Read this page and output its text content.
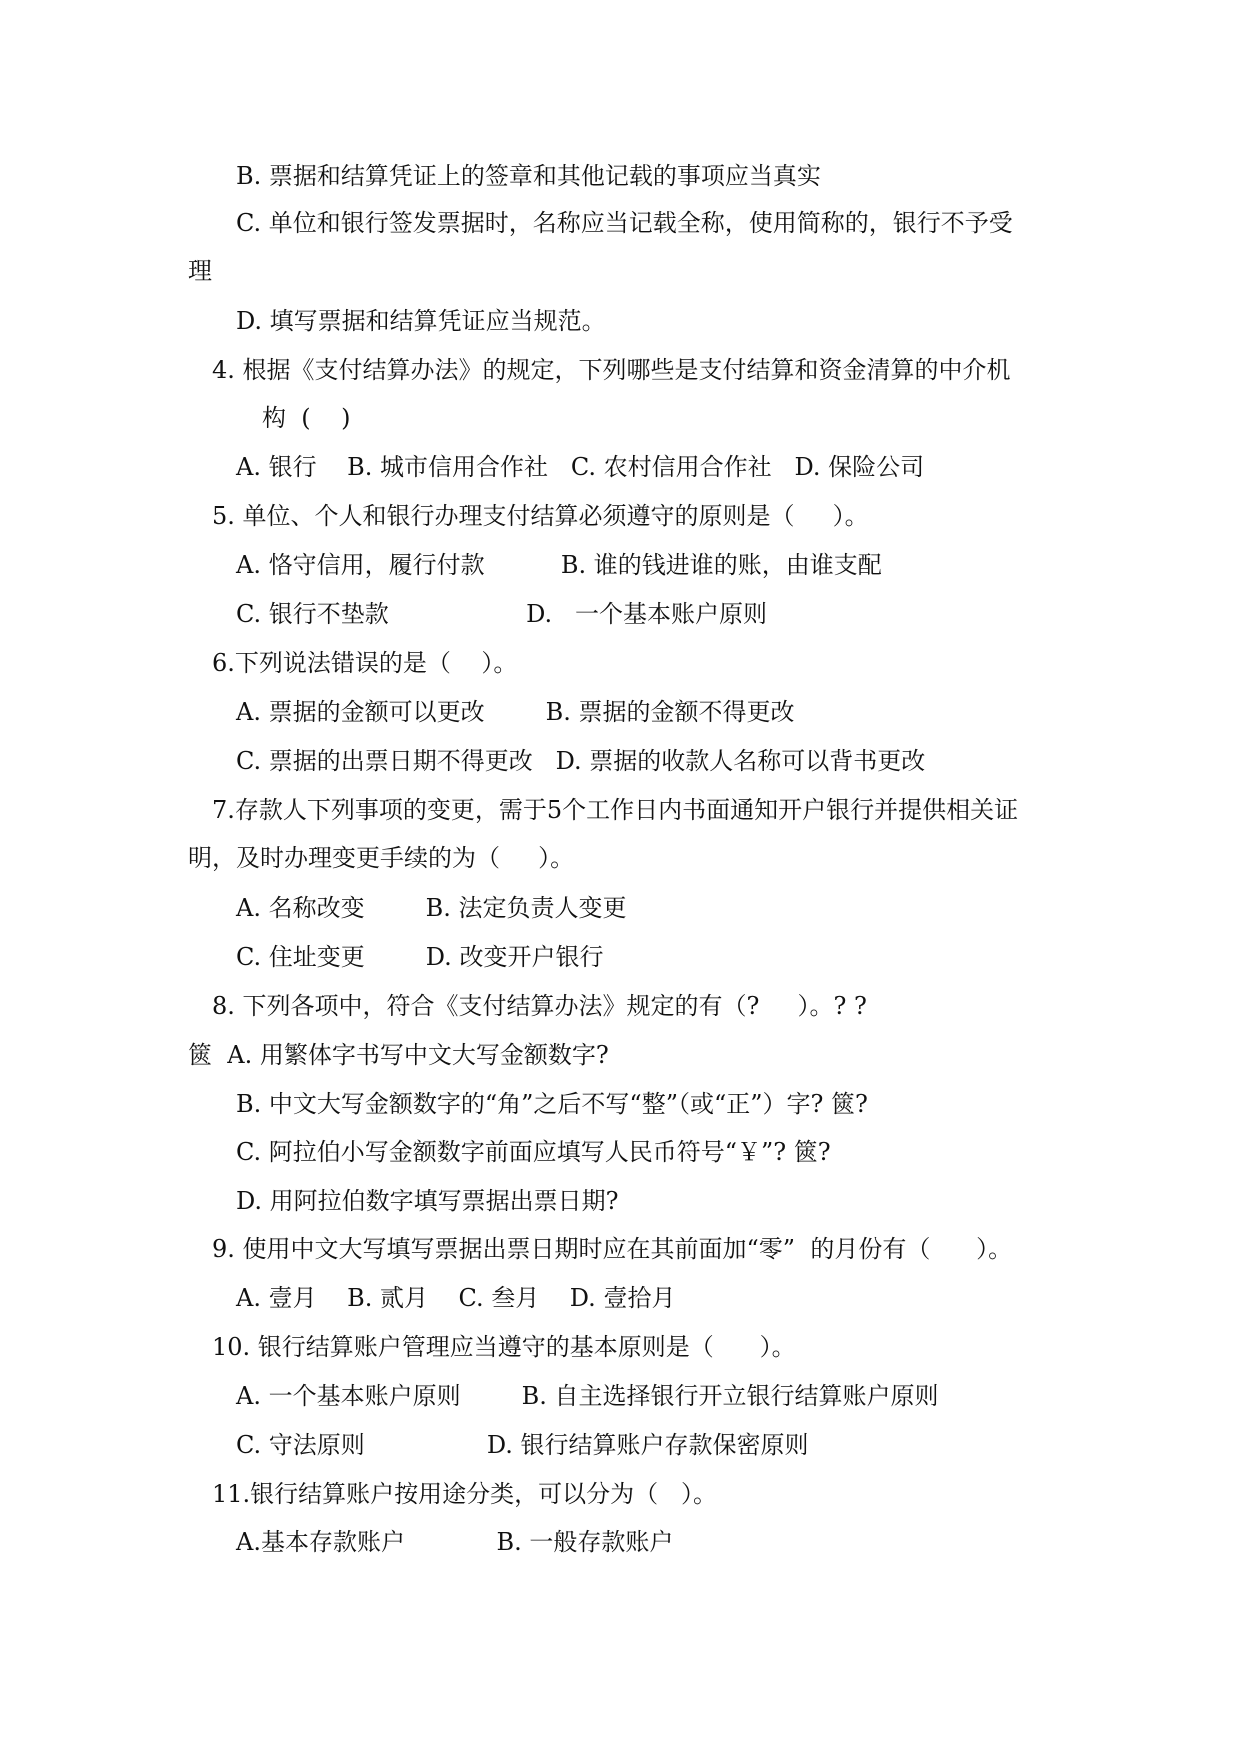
B. 票据和结算凭证上的签章和其他记载的事项应当真实
C. 单位和银行签发票据时，名称应当记载全称，使用简称的，银行不予受
理
D. 填写票据和结算凭证应当规范。
4. 根据《支付结算办法》的规定，下列哪些是支付结算和资金清算的中介机
构  (    )
A. 银行    B. 城市信用合作社   C. 农村信用合作社   D. 保险公司
5. 单位、个人和银行办理支付结算必须遵守的原则是（     ）。
A. 恪守信用，履行付款          B. 谁的钱进谁的账，由谁支配
C. 银行不垫款                  D.   一个基本账户原则
6.下列说法错误的是（    ）。
A. 票据的金额可以更改        B. 票据的金额不得更改
C. 票据的出票日期不得更改   D. 票据的收款人名称可以背书更改
7.存款人下列事项的变更，需于5个工作日内书面通知开户银行并提供相关证
明，及时办理变更手续的为（     ）。
A. 名称改变        B. 法定负责人变更
C. 住址变更        D. 改变开户银行
8. 下列各项中，符合《支付结算办法》规定的有（?     ）。? ?
篋  A. 用繁体字书写中文大写金额数字?
B. 中文大写金额数字的“角”之后不写“整”（或“正”）字? 篋?
C. 阿拉伯小写金额数字前面应填写人民币符号“￥”? 篋?
D. 用阿拉伯数字填写票据出票日期?
9. 使用中文大写填写票据出票日期时应在其前面加“零”  的月份有（      ）。
A. 壹月    B. 贰月    C. 叁月    D. 壹拾月
10. 银行结算账户管理应当遵守的基本原则是（      ）。
A. 一个基本账户原则        B. 自主选择银行开立银行结算账户原则
C. 守法原则                D. 银行结算账户存款保密原则
11.银行结算账户按用途分类，可以分为（   ）。
A.基本存款账户            B. 一般存款账户
